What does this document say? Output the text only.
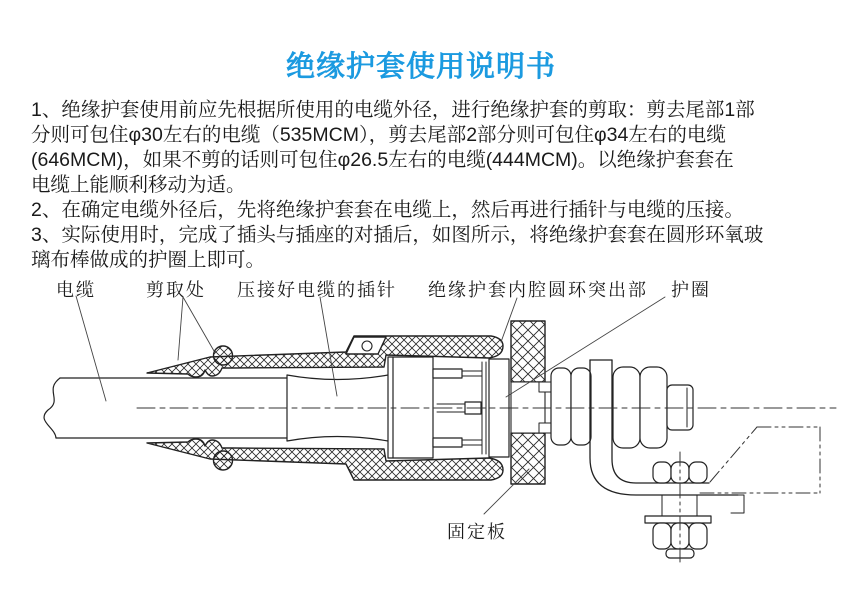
绝缘护套使用说明书
1、绝缘护套使用前应先根据所使用的电缆外径，进行绝缘护套的剪取：剪去尾部1部
分则可包住φ30左右的电缆（535MCM），剪去尾部2部分则可包住φ34左右的电缆
(646MCM)，如果不剪的话则可包住φ26.5左右的电缆(444MCM)。以绝缘护套套在
电缆上能顺利移动为适。
2、在确定电缆外径后，先将绝缘护套套在电缆上，然后再进行插针与电缆的压接。
3、实际使用时，完成了插头与插座的对插后，如图所示，将绝缘护套套在圆形环氧玻
璃布棒做成的护圈上即可。
电缆	剪取处 压接好电缆的插针 绝缘护套内腔圆环突出部 护圈
固定板
